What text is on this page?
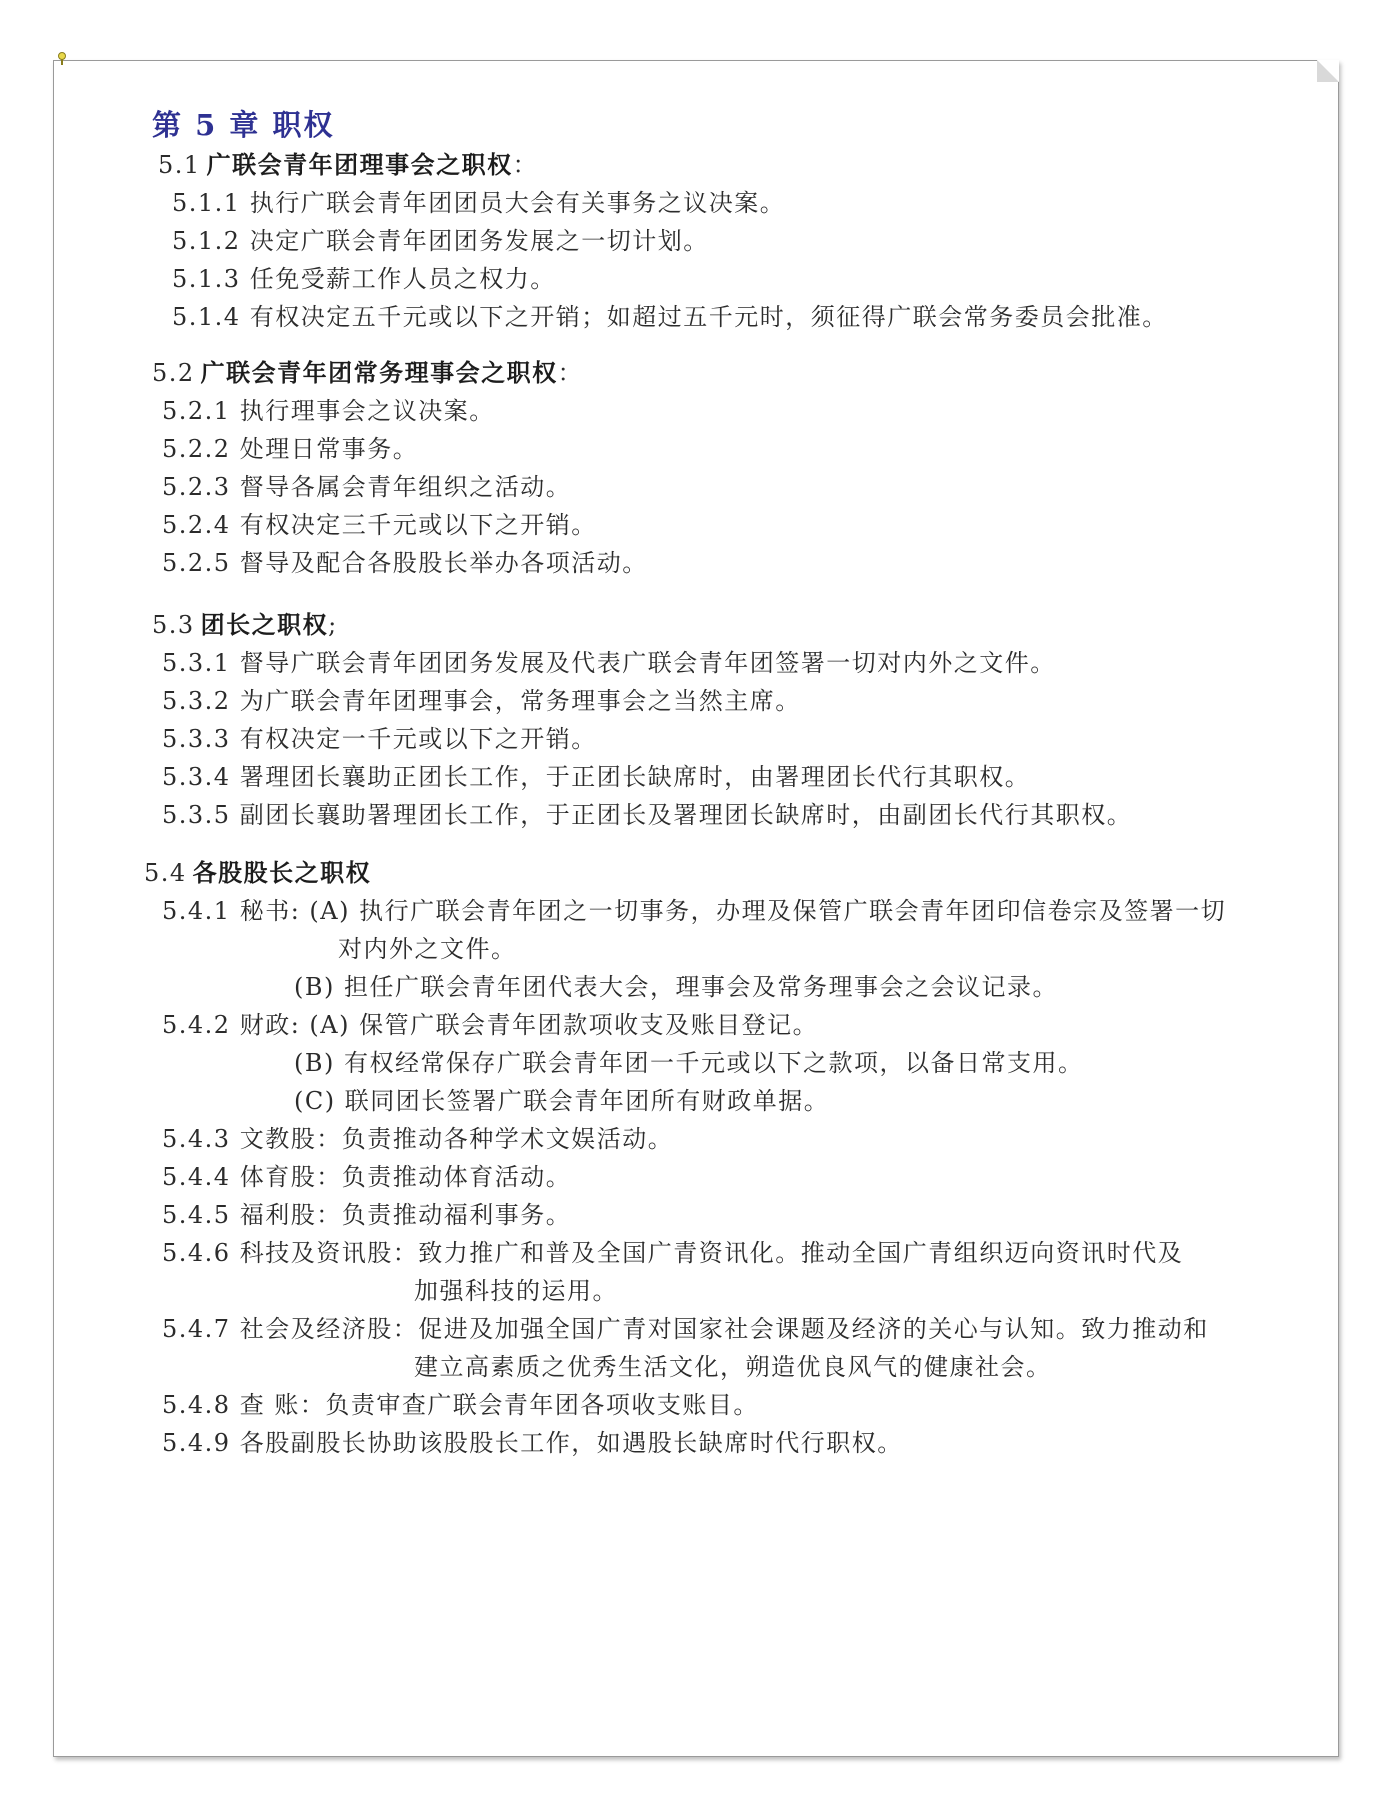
第 5 章 职权
5.1 广联会青年团理事会之职权：
5.1.1 执行广联会青年团团员大会有关事务之议决案。
5.1.2 决定广联会青年团团务发展之一切计划。
5.1.3 任免受薪工作人员之权力。
5.1.4 有权决定五千元或以下之开销；如超过五千元时，须征得广联会常务委员会批准。
5.2 广联会青年团常务理事会之职权：
5.2.1 执行理事会之议决案。
5.2.2 处理日常事务。
5.2.3 督导各属会青年组织之活动。
5.2.4 有权决定三千元或以下之开销。
5.2.5 督导及配合各股股长举办各项活动。
5.3 团长之职权;
5.3.1 督导广联会青年团团务发展及代表广联会青年团签署一切对内外之文件。
5.3.2 为广联会青年团理事会，常务理事会之当然主席。
5.3.3 有权决定一千元或以下之开销。
5.3.4 署理团长襄助正团长工作，于正团长缺席时，由署理团长代行其职权。
5.3.5 副团长襄助署理团长工作，于正团长及署理团长缺席时，由副团长代行其职权。
5.4 各股股长之职权
5.4.1 秘书: (A) 执行广联会青年团之一切事务，办理及保管广联会青年团印信卷宗及签署一切
对内外之文件。
(B) 担任广联会青年团代表大会，理事会及常务理事会之会议记录。
5.4.2 财政: (A) 保管广联会青年团款项收支及账目登记。
(B) 有权经常保存广联会青年团一千元或以下之款项，以备日常支用。
(C) 联同团长签署广联会青年团所有财政单据。
5.4.3 文教股：负责推动各种学术文娱活动。
5.4.4 体育股：负责推动体育活动。
5.4.5 福利股：负责推动福利事务。
5.4.6 科技及资讯股：致力推广和普及全国广青资讯化。推动全国广青组织迈向资讯时代及
加强科技的运用。
5.4.7 社会及经济股：促进及加强全国广青对国家社会课题及经济的关心与认知。致力推动和
建立高素质之优秀生活文化，朔造优良风气的健康社会。
5.4.8 查 账：负责审查广联会青年团各项收支账目。
5.4.9 各股副股长协助该股股长工作，如遇股长缺席时代行职权。
